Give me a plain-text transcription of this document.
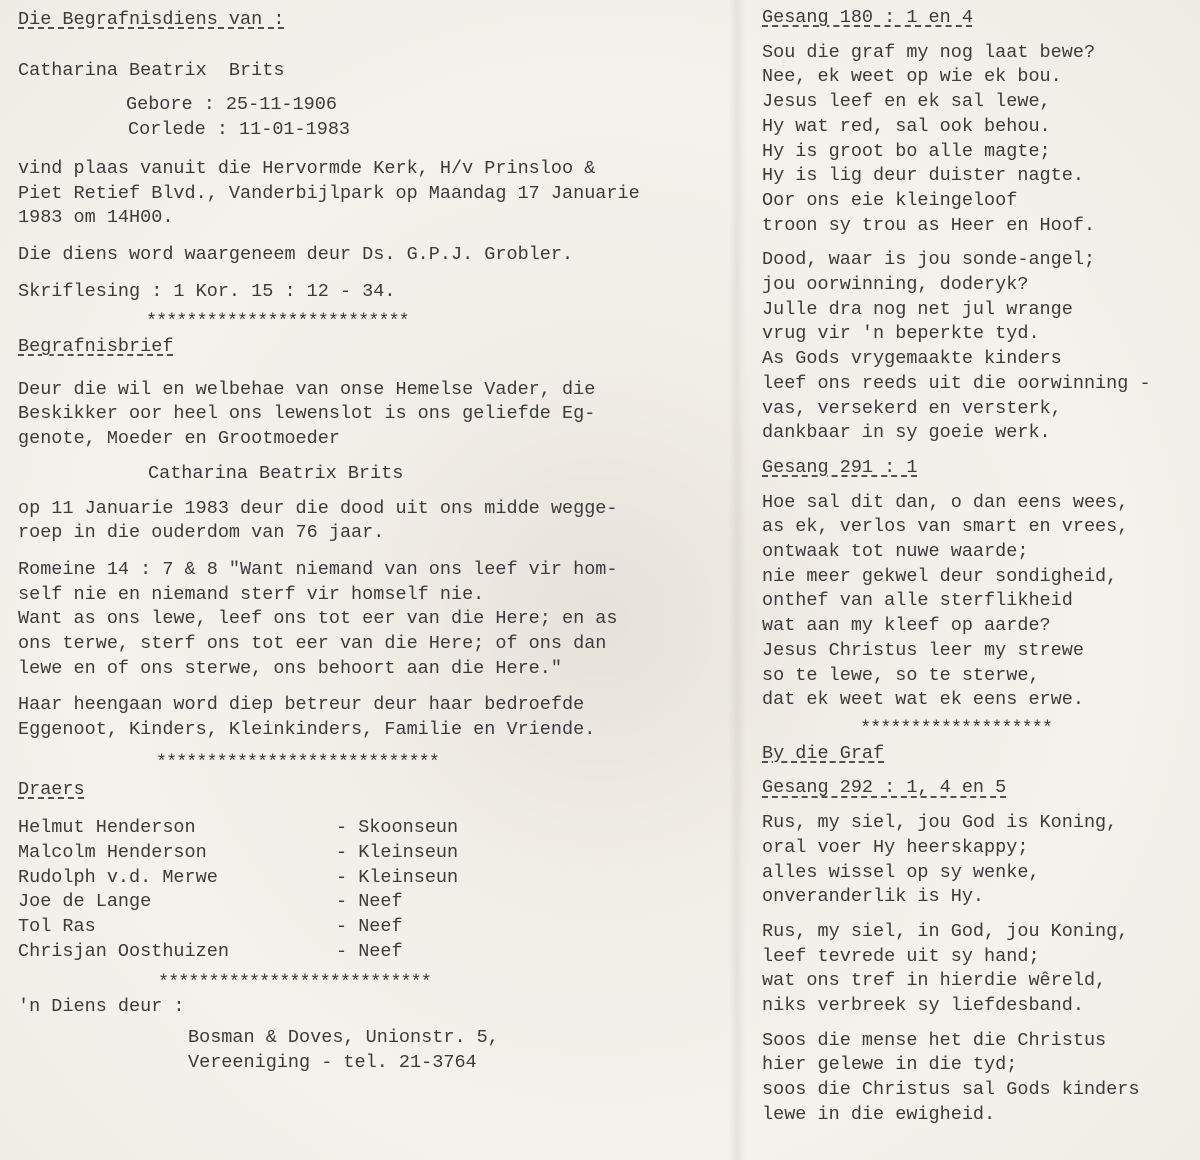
Die Begrafnisdiens van :
Catharina Beatrix  Brits
Gebore : 25-11-1906
Corlede : 11-01-1983
vind plaas vanuit die Hervormde Kerk, H/v Prinsloo &
Piet Retief Blvd., Vanderbijlpark op Maandag 17 Januarie
1983 om 14H00.
Die diens word waargeneem deur Ds. G.P.J. Grobler.
Skriflesing : 1 Kor. 15 : 12 - 34.
**************************
Begrafnisbrief
Deur die wil en welbehae van onse Hemelse Vader, die
Beskikker oor heel ons lewenslot is ons geliefde Eg-
genote, Moeder en Grootmoeder
Catharina Beatrix Brits
op 11 Januarie 1983 deur die dood uit ons midde wegge-
roep in die ouderdom van 76 jaar.
Romeine 14 : 7 & 8 "Want niemand van ons leef vir hom-
self nie en niemand sterf vir homself nie.
Want as ons lewe, leef ons tot eer van die Here; en as
ons terwe, sterf ons tot eer van die Here; of ons dan
lewe en of ons sterwe, ons behoort aan die Here."
Haar heengaan word diep betreur deur haar bedroefde
Eggenoot, Kinders, Kleinkinders, Familie en Vriende.
****************************
Draers
Helmut Henderson	- Skoonseun
Malcolm Henderson	- Kleinseun
Rudolph v.d. Merwe	- Kleinseun
Joe de Lange	- Neef
Tol Ras	- Neef
Chrisjan Oosthuizen	- Neef
***************************
'n Diens deur :
Bosman & Doves, Unionstr. 5,
Vereeniging - tel. 21-3764
Gesang 180 : 1 en 4
Sou die graf my nog laat bewe?
Nee, ek weet op wie ek bou.
Jesus leef en ek sal lewe,
Hy wat red, sal ook behou.
Hy is groot bo alle magte;
Hy is lig deur duister nagte.
Oor ons eie kleingeloof
troon sy trou as Heer en Hoof.
Dood, waar is jou sonde-angel;
jou oorwinning, doderyk?
Julle dra nog net jul wrange
vrug vir 'n beperkte tyd.
As Gods vrygemaakte kinders
leef ons reeds uit die oorwinning -
vas, versekerd en versterk,
dankbaar in sy goeie werk.
Gesang 291 : 1
Hoe sal dit dan, o dan eens wees,
as ek, verlos van smart en vrees,
ontwaak tot nuwe waarde;
nie meer gekwel deur sondigheid,
onthef van alle sterflikheid
wat aan my kleef op aarde?
Jesus Christus leer my strewe
so te lewe, so te sterwe,
dat ek weet wat ek eens erwe.
*******************
By die Graf
Gesang 292 : 1, 4 en 5
Rus, my siel, jou God is Koning,
oral voer Hy heerskappy;
alles wissel op sy wenke,
onveranderlik is Hy.
Rus, my siel, in God, jou Koning,
leef tevrede uit sy hand;
wat ons tref in hierdie wêreld,
niks verbreek sy liefdesband.
Soos die mense het die Christus
hier gelewe in die tyd;
soos die Christus sal Gods kinders
lewe in die ewigheid.
